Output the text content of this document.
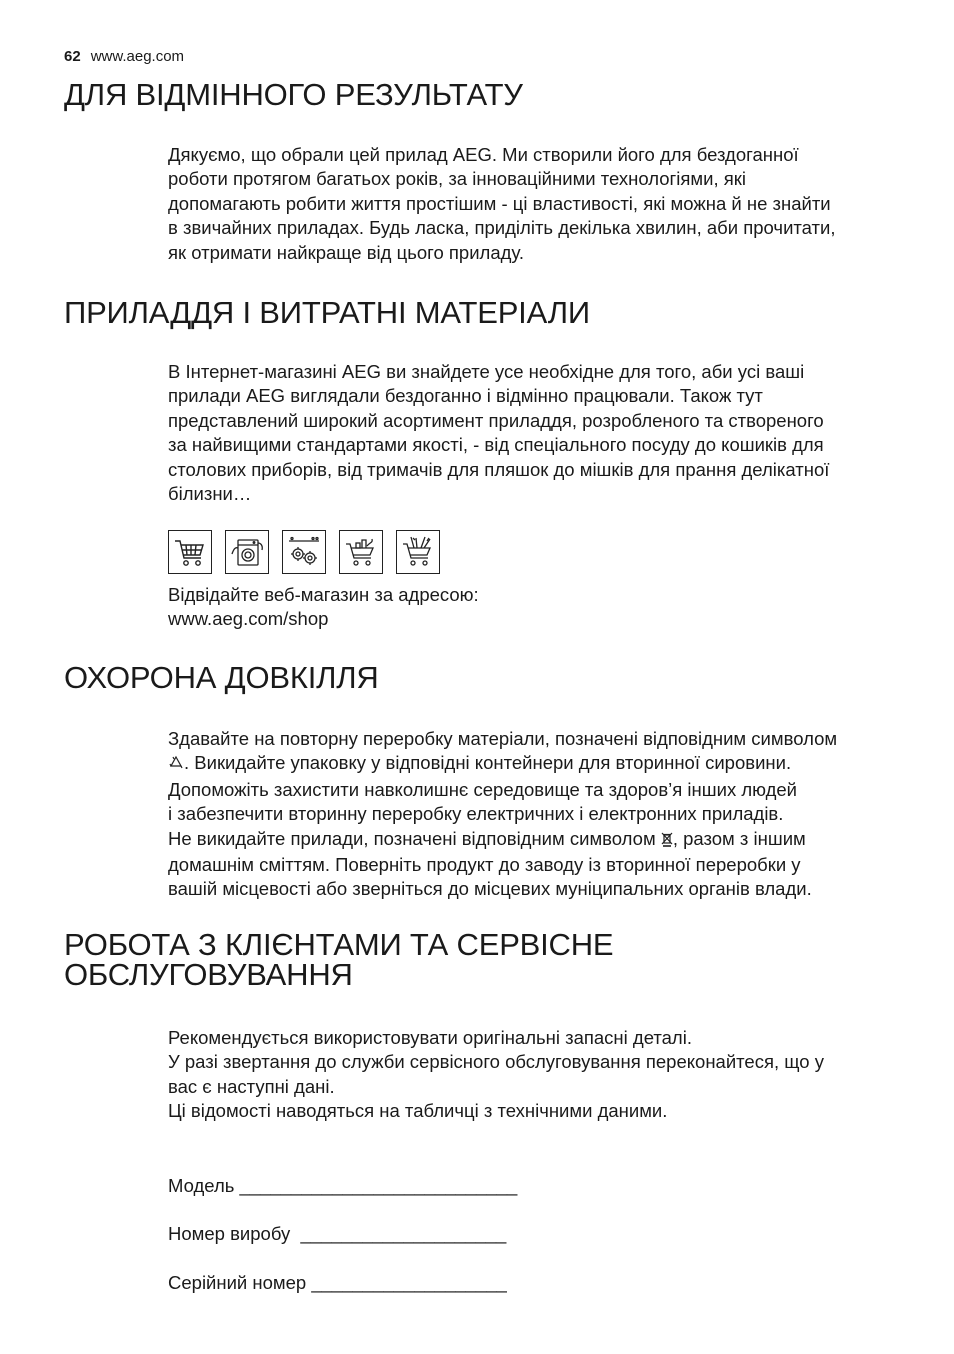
62 www.aeg.com
ДЛЯ ВІДМІННОГО РЕЗУЛЬТАТУ

Дякуємо, що обрали цей прилад AEG. Ми створили його для бездоганної

роботи протягом багатьох років, за інноваційними технологіями, які

допомагають робити життя простішим - ці властивості, які можна й не знайти

в звичайних приладах. Будь ласка, приділіть декілька хвилин, аби прочитати,

як отримати найкраще від цього приладу.

ПРИЛАДДЯ І ВИТРАТНІ МАТЕРІАЛИ

В Інтернет-магазині AEG ви знайдете усе необхідне для того, аби усі ваші

прилади AEG виглядали бездоганно і відмінно працювали. Також тут

представлений широкий асортимент приладдя, розробленого та створеного

за найвищими стандартами якості, - від спеціального посуду до кошиків для

столових приборів, від тримачів для пляшок до мішків для прання делікатної

білизни…

Відвідайте веб-магазин за адресою:

www.aeg.com/shop

ОХОРОНА ДОВКІЛЛЯ

Здавайте на повторну переробку матеріали, позначені відповідним символом

. Викидайте упаковку у відповідні контейнери для вторинної сировини.

Допоможіть захистити навколишнє середовище та здоров’я інших людей

і забезпечити вторинну переробку електричних і електронних приладів.

Не викидайте прилади, позначені відповідним символом , разом з іншим

домашнім сміттям. Поверніть продукт до заводу із вторинної переробки у

вашій місцевості або зверніться до місцевих муніципальних органів влади.

РОБОТА З КЛІЄНТАМИ ТА СЕРВІСНЕ
ОБСЛУГОВУВАННЯ

Рекомендується використовувати оригінальні запасні деталі.

У разі звертання до служби сервісного обслуговування переконайтеся, що у

вас є наступні дані.

Ці відомості наводяться на табличці з технічними даними.

Модель ___________________________
Номер виробу  ____________________
Серійний номер ___________________
